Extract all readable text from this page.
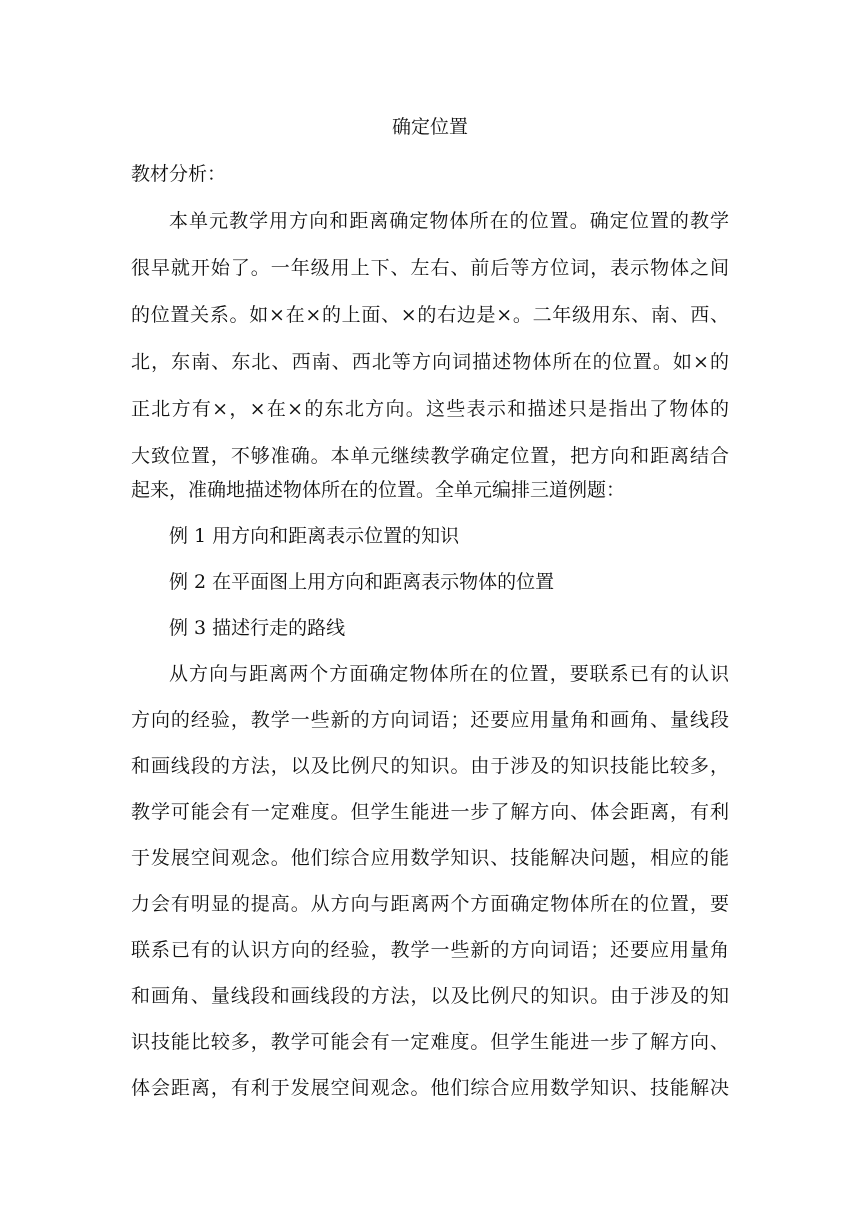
确定位置
教材分析：
本单元教学用方向和距离确定物体所在的位置。确定位置的教学
很早就开始了。一年级用上下、左右、前后等方位词，表示物体之间
的位置关系。如×在×的上面、×的右边是×。二年级用东、南、西、
北，东南、东北、西南、西北等方向词描述物体所在的位置。如×的
正北方有×，×在×的东北方向。这些表示和描述只是指出了物体的
大致位置，不够准确。本单元继续教学确定位置，把方向和距离结合
起来，准确地描述物体所在的位置。全单元编排三道例题：
例 1 用方向和距离表示位置的知识
例 2 在平面图上用方向和距离表示物体的位置
例 3 描述行走的路线
从方向与距离两个方面确定物体所在的位置，要联系已有的认识
方向的经验，教学一些新的方向词语；还要应用量角和画角、量线段
和画线段的方法，以及比例尺的知识。由于涉及的知识技能比较多，
教学可能会有一定难度。但学生能进一步了解方向、体会距离，有利
于发展空间观念。他们综合应用数学知识、技能解决问题，相应的能
力会有明显的提高。从方向与距离两个方面确定物体所在的位置，要
联系已有的认识方向的经验，教学一些新的方向词语；还要应用量角
和画角、量线段和画线段的方法，以及比例尺的知识。由于涉及的知
识技能比较多，教学可能会有一定难度。但学生能进一步了解方向、
体会距离，有利于发展空间观念。他们综合应用数学知识、技能解决
